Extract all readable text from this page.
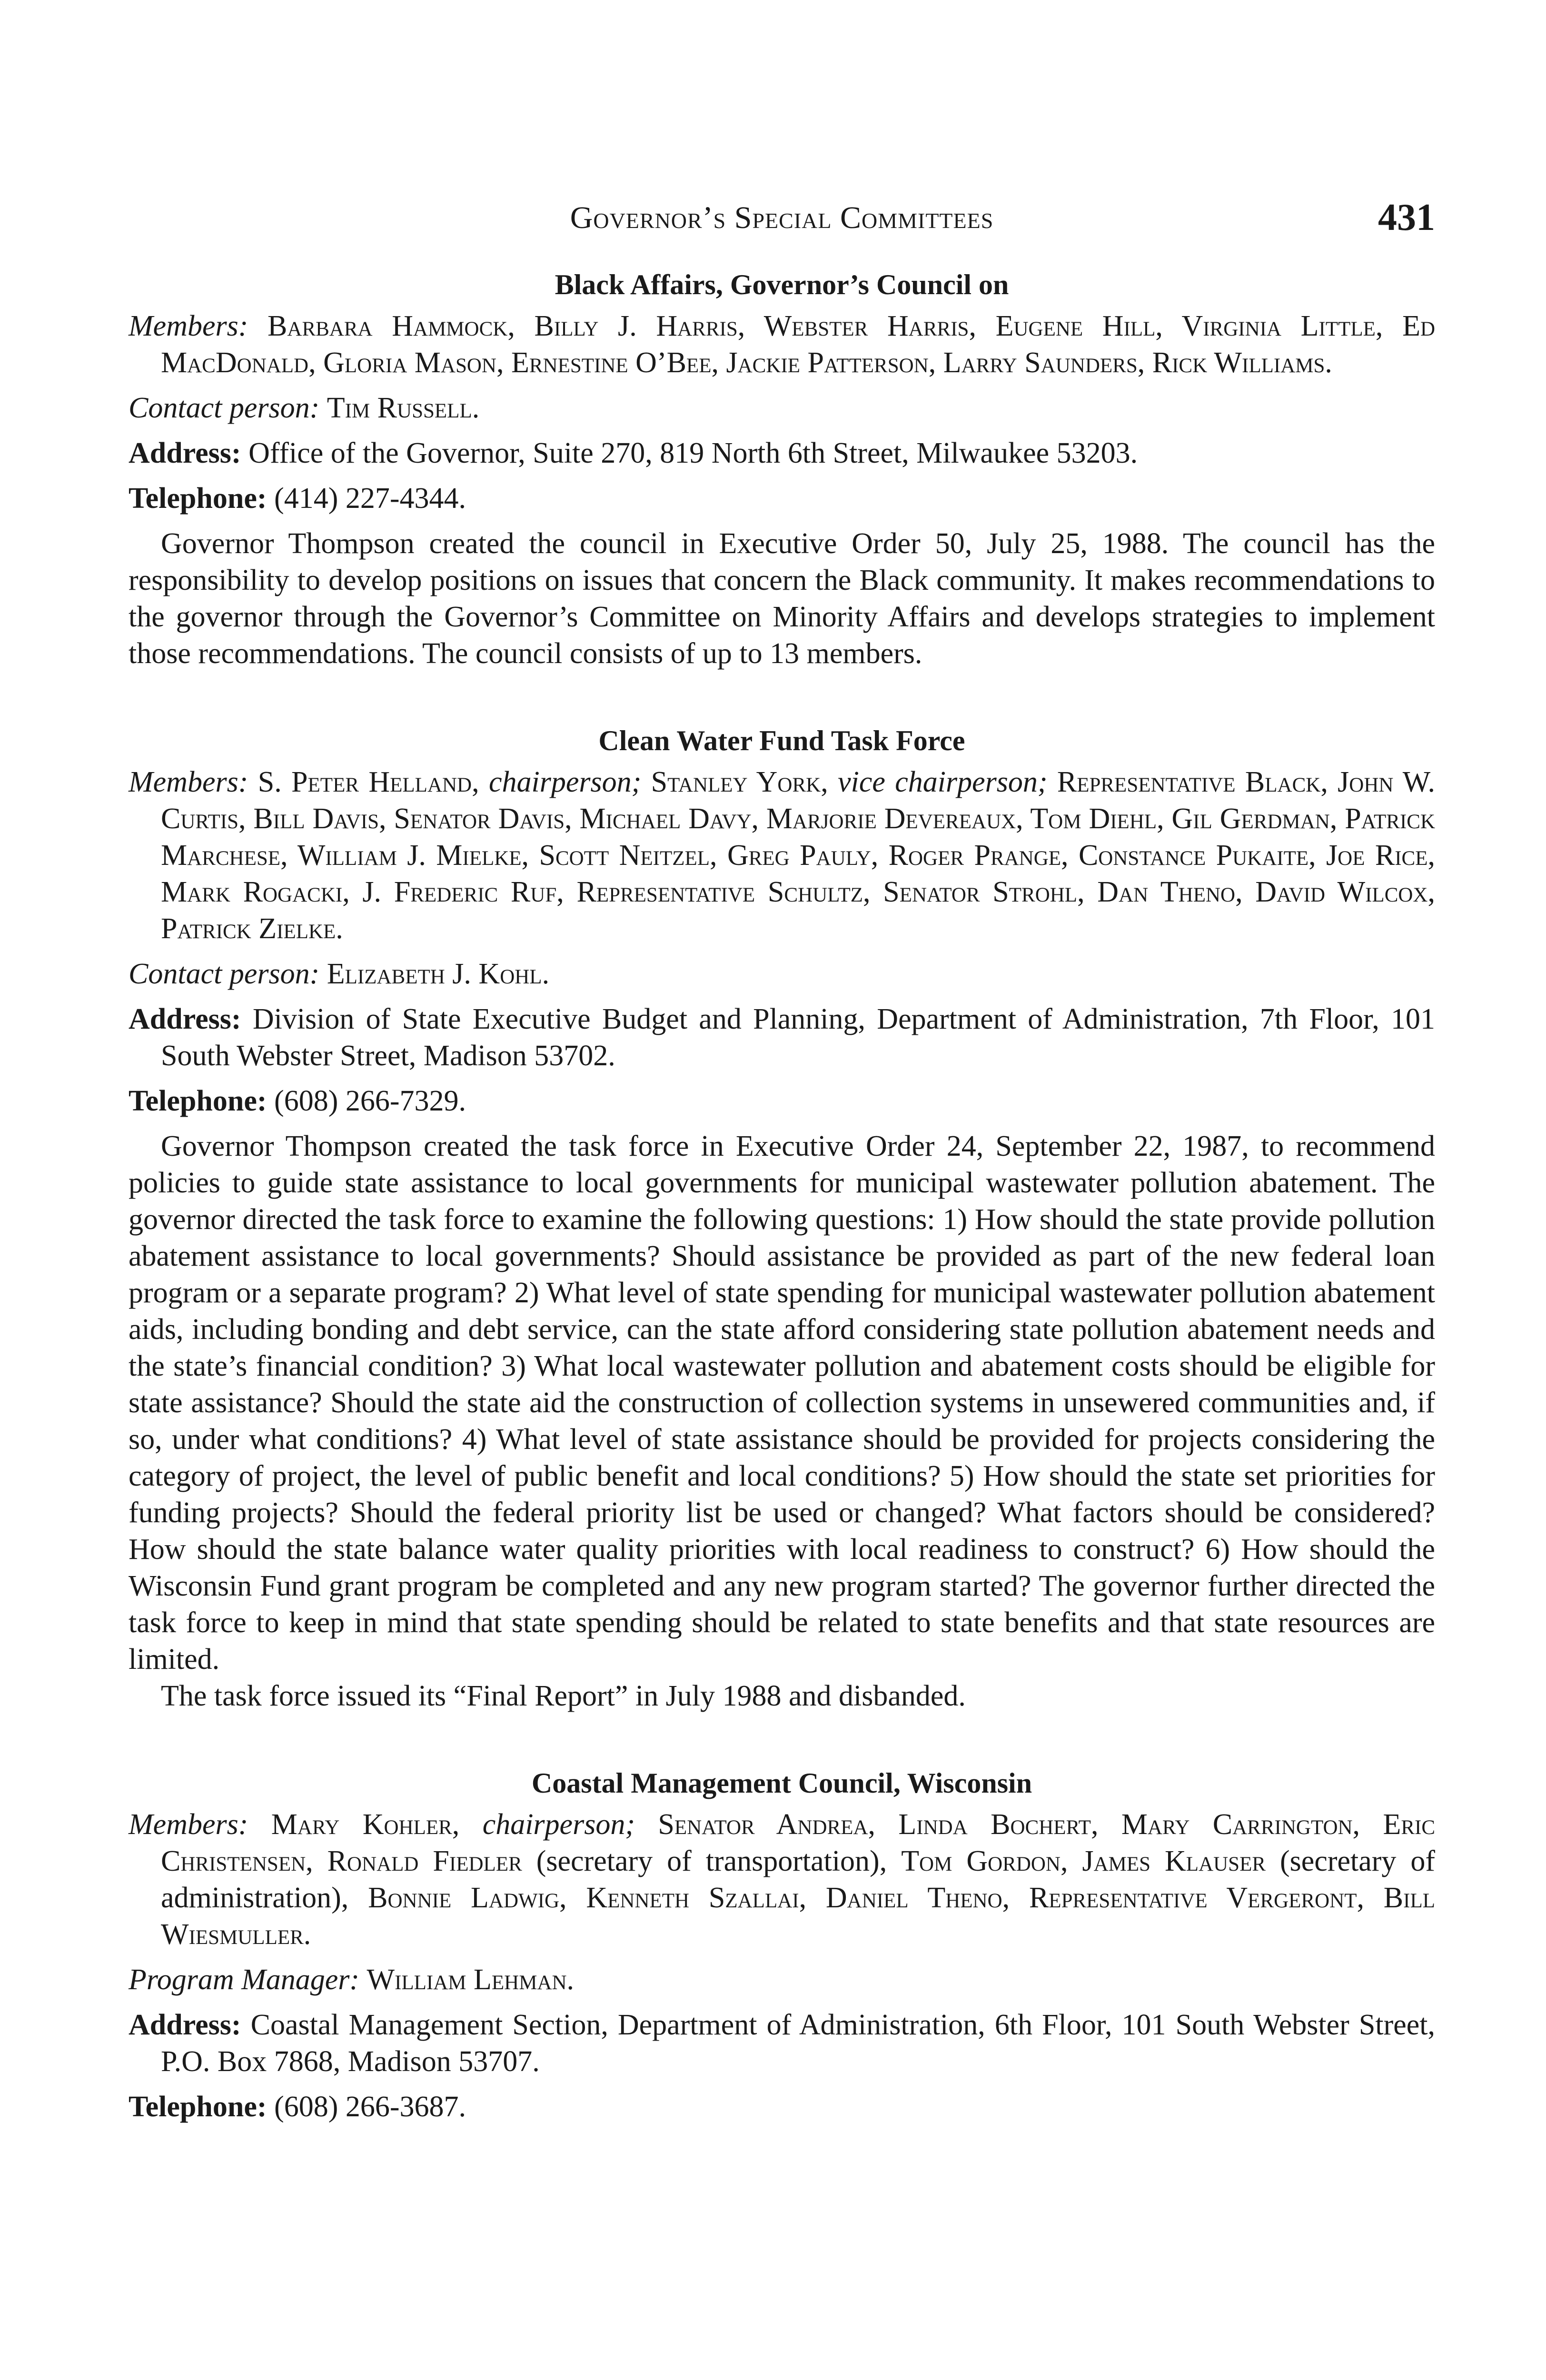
Governor’s Special Committees	431
Black Affairs, Governor’s Council on

Members: Barbara Hammock, Billy J. Harris, Webster Harris, Eugene Hill, Virginia Little, Ed MacDonald, Gloria Mason, Ernestine O’Bee, Jackie Patterson, Larry Saunders, Rick Williams.

Contact person: Tim Russell.

Address: Office of the Governor, Suite 270, 819 North 6th Street, Milwaukee 53203.

Telephone: (414) 227-4344.

Governor Thompson created the council in Executive Order 50, July 25, 1988. The council has the responsibility to develop positions on issues that concern the Black community. It makes recommendations to the governor through the Governor’s Committee on Minority Affairs and develops strategies to implement those recommendations. The council consists of up to 13 members.

Clean Water Fund Task Force

Members: S. Peter Helland, chairperson; Stanley York, vice chairperson; Representative Black, John W. Curtis, Bill Davis, Senator Davis, Michael Davy, Marjorie Devereaux, Tom Diehl, Gil Gerdman, Patrick Marchese, William J. Mielke, Scott Neitzel, Greg Pauly, Roger Prange, Constance Pukaite, Joe Rice, Mark Rogacki, J. Frederic Ruf, Representative Schultz, Senator Strohl, Dan Theno, David Wilcox, Patrick Zielke.

Contact person: Elizabeth J. Kohl.

Address: Division of State Executive Budget and Planning, Department of Administration, 7th Floor, 101 South Webster Street, Madison 53702.

Telephone: (608) 266-7329.

Governor Thompson created the task force in Executive Order 24, September 22, 1987, to recommend policies to guide state assistance to local governments for municipal wastewater pollution abatement. The governor directed the task force to examine the following questions: 1) How should the state provide pollution abatement assistance to local governments? Should assistance be provided as part of the new federal loan program or a separate program? 2) What level of state spending for municipal wastewater pollution abatement aids, including bonding and debt service, can the state afford considering state pollution abatement needs and the state’s financial condition? 3) What local wastewater pollution and abatement costs should be eligible for state assistance? Should the state aid the construction of collection systems in unsewered communities and, if so, under what conditions? 4) What level of state assistance should be provided for projects considering the category of project, the level of public benefit and local conditions? 5) How should the state set priorities for funding projects? Should the federal priority list be used or changed? What factors should be considered? How should the state balance water quality priorities with local readiness to construct? 6) How should the Wisconsin Fund grant program be completed and any new program started? The governor further directed the task force to keep in mind that state spending should be related to state benefits and that state resources are limited.

The task force issued its “Final Report” in July 1988 and disbanded.

Coastal Management Council, Wisconsin

Members: Mary Kohler, chairperson; Senator Andrea, Linda Bochert, Mary Carrington, Eric Christensen, Ronald Fiedler (secretary of transportation), Tom Gordon, James Klauser (secretary of administration), Bonnie Ladwig, Kenneth Szallai, Daniel Theno, Representative Vergeront, Bill Wiesmuller.

Program Manager: William Lehman.

Address: Coastal Management Section, Department of Administration, 6th Floor, 101 South Webster Street, P.O. Box 7868, Madison 53707.

Telephone: (608) 266-3687.
